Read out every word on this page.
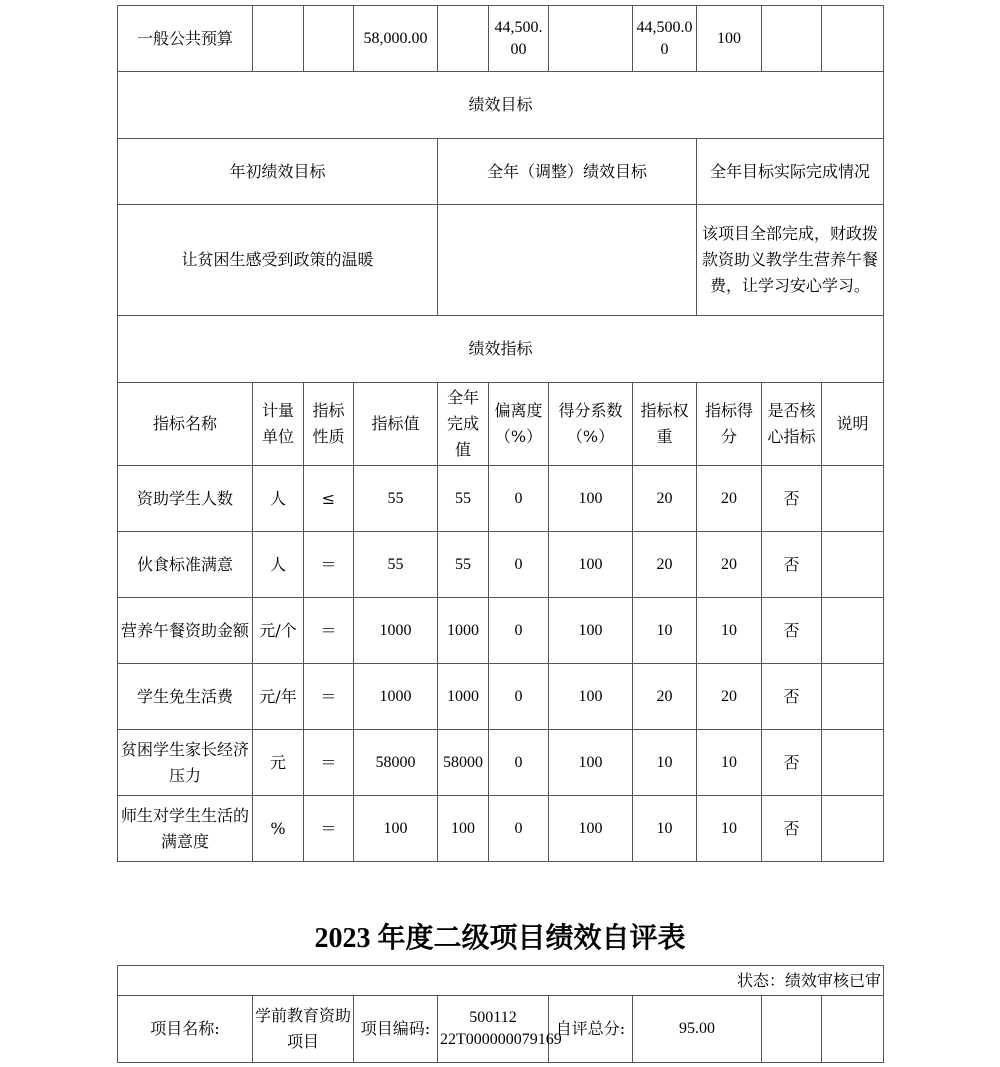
一般公共预算			58,000.00		44,500.00		44,500.00	100		
绩效目标										
年初绩效目标				全年（调整）绩效目标				全年目标实际完成情况		
让贫困生感受到政策的温暖								该项目全部完成，财政拨款资助义教学生营养午餐费，让学习安心学习。		
绩效指标										
指标名称	计量单位	指标性质	指标值	全年完成值	偏离度（%）	得分系数（%）	指标权重	指标得分	是否核心指标	说明
资助学生人数	人	≤	55	55	0	100	20	20	否	
伙食标准满意	人	＝	55	55	0	100	20	20	否	
营养午餐资助金额	元/个	＝	1000	1000	0	100	10	10	否	
学生免生活费	元/年	＝	1000	1000	0	100	20	20	否	
贫困学生家长经济压力	元	＝	58000	58000	0	100	10	10	否	
师生对学生生活的满意度	%	＝	100	100	0	100	10	10	否	
2023 年度二级项目绩效自评表
状态：绩效审核已审
项目名称:	学前教育资助项目	项目编码:	500112 22T000000079169	自评总分:	95.00		
